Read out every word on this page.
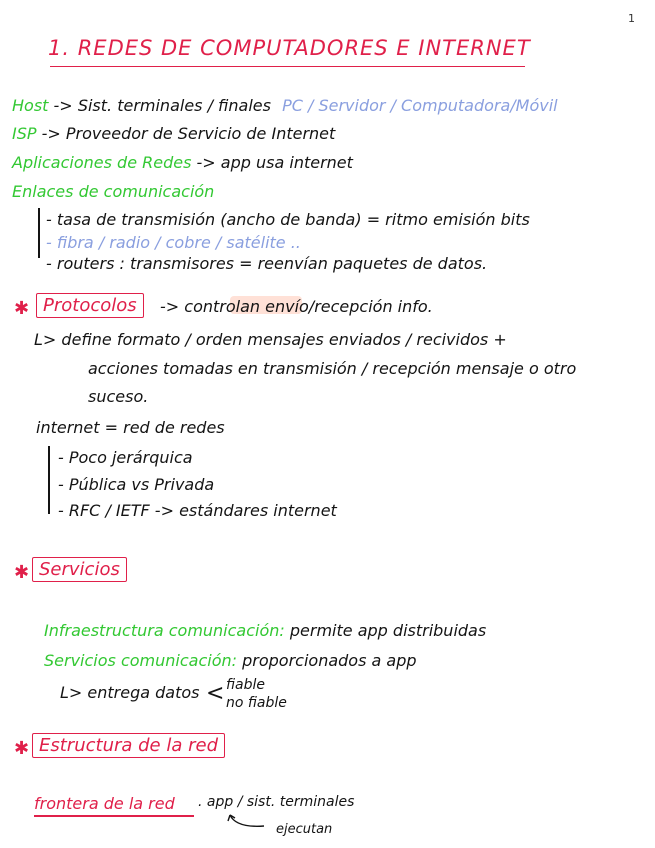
1
1. REDES DE COMPUTADORES E INTERNET
Host -> Sist. terminales / finales PC / Servidor / Computadora/Móvil
ISP -> Proveedor de Servicio de Internet
Aplicaciones de Redes -> app usa internet
Enlaces de comunicación
- tasa de transmisión (ancho de banda) = ritmo emisión bits
- fibra / radio / cobre / satélite ..
- routers : transmisores = reenvían paquetes de datos.
✱ Protocolos	-> controlan envío/recepción info.
L> define formato / orden mensajes enviados / recividos +
acciones tomadas en transmisión / recepción mensaje o otro
suceso.
internet = red de redes
- Poco jerárquica
- Pública vs Privada
- RFC / IETF -> estándares internet
✱ Servicios
Infraestructura comunicación: permite app distribuidas
Servicios comunicación: proporcionados a app
L> entrega datos < fiable
no fiable
✱ Estructura de la red
frontera de la red . app / sist. terminales
ejecutan
